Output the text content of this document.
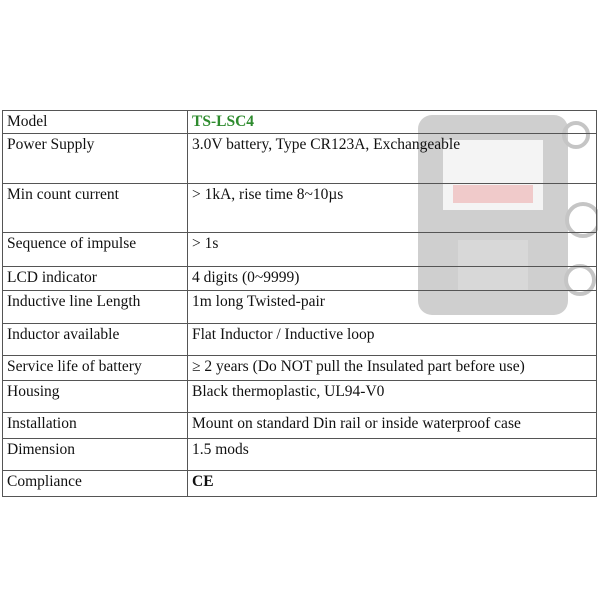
Model	TS-LSC4
Power Supply	3.0V battery, Type CR123A, Exchangeable
Min count current	> 1kA, rise time 8~10µs
Sequence of impulse	> 1s
LCD indicator	4 digits (0~9999)
Inductive line Length	1m long Twisted-pair
Inductor available	Flat Inductor / Inductive loop
Service life of battery	≥ 2 years (Do NOT pull the Insulated part before use)
Housing	Black thermoplastic, UL94-V0
Installation	Mount on standard Din rail or inside waterproof case
Dimension	1.5 mods
Compliance	CE
